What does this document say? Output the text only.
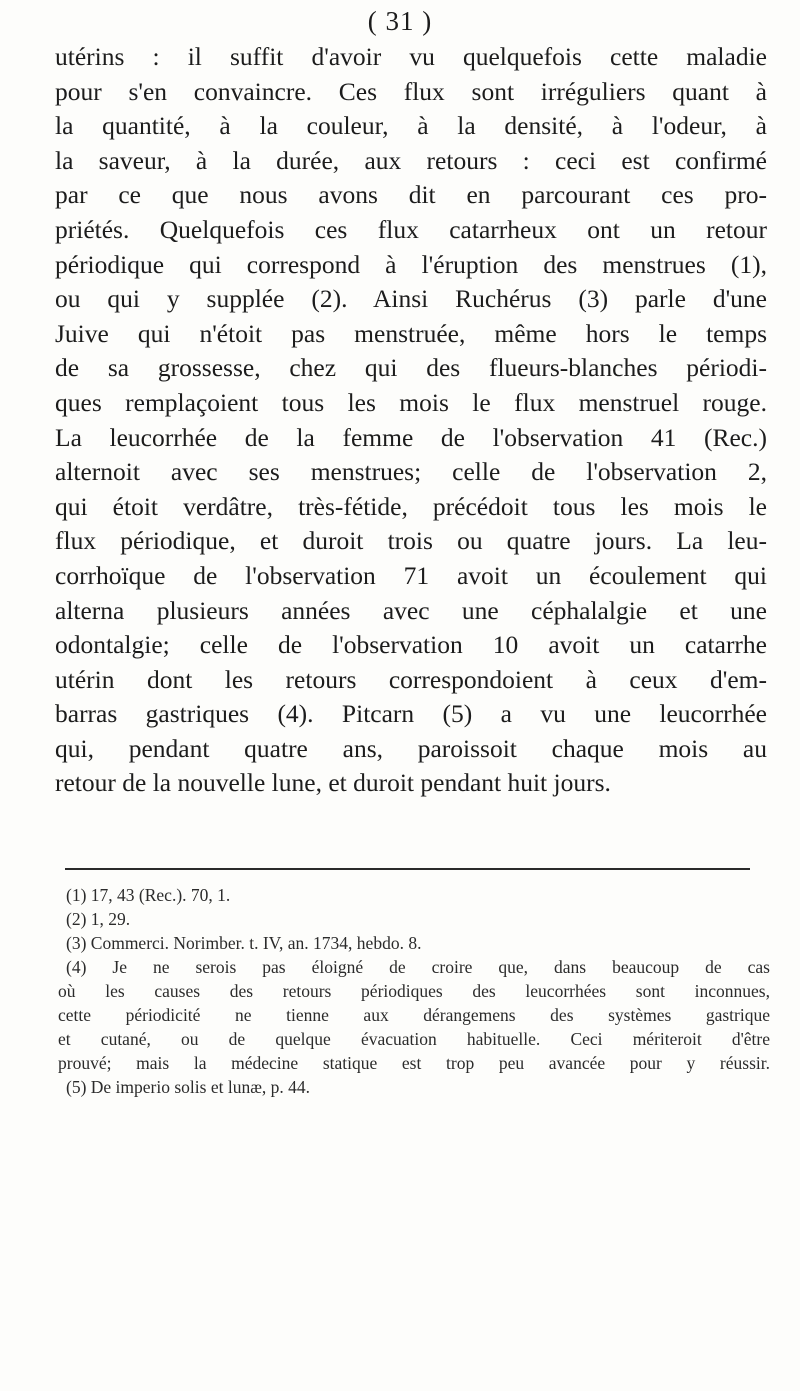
( 31 )
utérins : il suffit d'avoir vu quelquefois cette maladie
pour s'en convaincre. Ces flux sont irréguliers quant à
la quantité, à la couleur, à la densité, à l'odeur, à
la saveur, à la durée, aux retours : ceci est confirmé
par ce que nous avons dit en parcourant ces pro-
priétés. Quelquefois ces flux catarrheux ont un retour
périodique qui correspond à l'éruption des menstrues (1),
ou qui y supplée (2). Ainsi Ruchérus (3) parle d'une
Juive qui n'étoit pas menstruée, même hors le temps
de sa grossesse, chez qui des flueurs-blanches périodi-
ques remplaçoient tous les mois le flux menstruel rouge.
La leucorrhée de la femme de l'observation 41 (Rec.)
alternoit avec ses menstrues; celle de l'observation 2,
qui étoit verdâtre, très-fétide, précédoit tous les mois le
flux périodique, et duroit trois ou quatre jours. La leu-
corrhoïque de l'observation 71 avoit un écoulement qui
alterna plusieurs années avec une céphalalgie et une
odontalgie; celle de l'observation 10 avoit un catarrhe
utérin dont les retours correspondoient à ceux d'em-
barras gastriques (4). Pitcarn (5) a vu une leucorrhée
qui, pendant quatre ans, paroissoit chaque mois au
retour de la nouvelle lune, et duroit pendant huit jours.
(1) 17, 43 (Rec.). 70, 1.
(2) 1, 29.
(3) Commerci. Norimber. t. IV, an. 1734, hebdo. 8.
(4) Je ne serois pas éloigné de croire que, dans beaucoup de cas
où les causes des retours périodiques des leucorrhées sont inconnues,
cette périodicité ne tienne aux dérangemens des systèmes gastrique
et cutané, ou de quelque évacuation habituelle. Ceci mériteroit d'être
prouvé; mais la médecine statique est trop peu avancée pour y réussir.
(5) De imperio solis et lunæ, p. 44.
